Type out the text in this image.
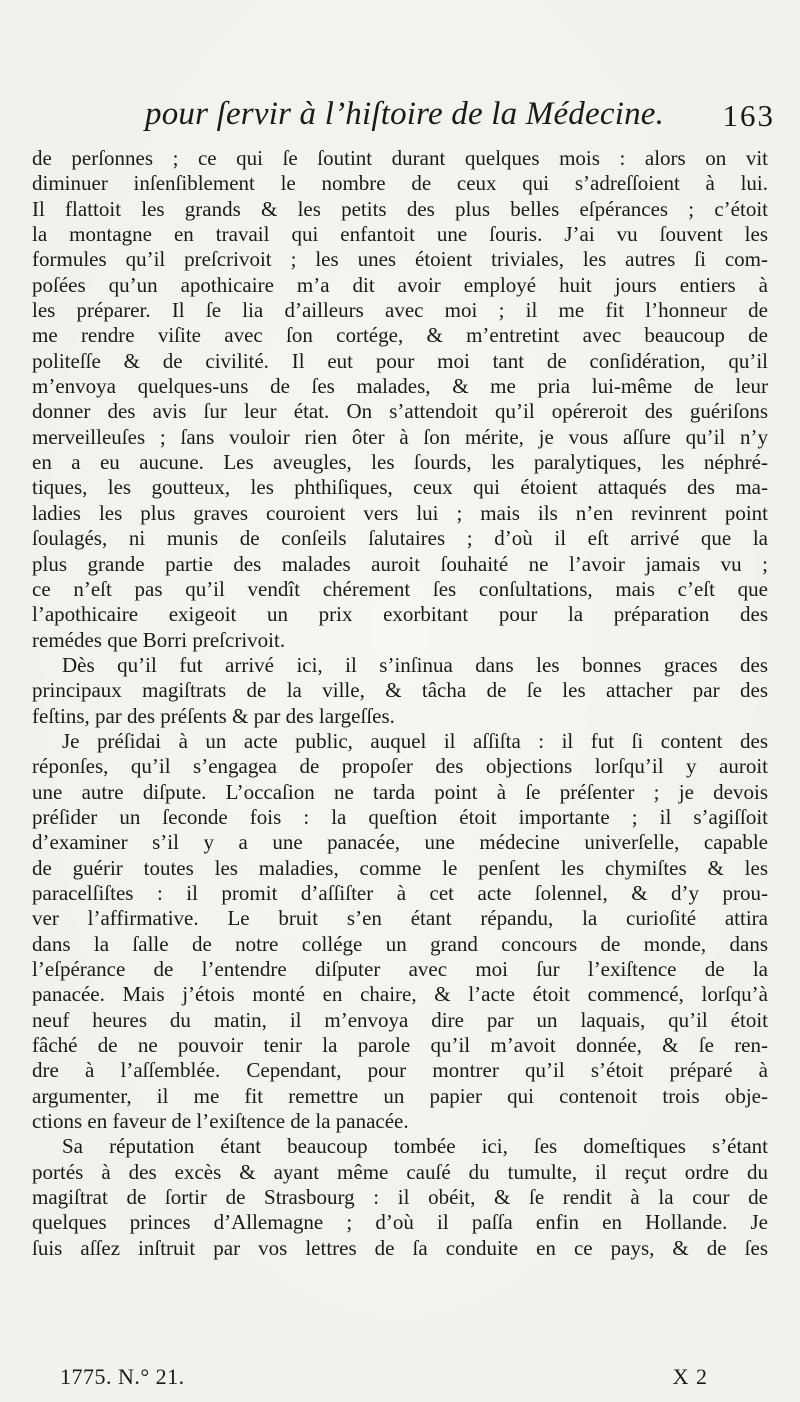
pour ſervir à l’hiſtoire de la Médecine. 163
de perſonnes ; ce qui ſe ſoutint durant quelques mois : alors on vit
diminuer inſenſiblement le nombre de ceux qui s’adreſſoient à lui.
Il flattoit les grands & les petits des plus belles eſpérances ; c’étoit
la montagne en travail qui enfantoit une ſouris. J’ai vu ſouvent les
formules qu’il preſcrivoit ; les unes étoient triviales, les autres ſi com-
poſées qu’un apothicaire m’a dit avoir employé huit jours entiers à
les préparer. Il ſe lia d’ailleurs avec moi ; il me fit l’honneur de
me rendre viſite avec ſon cortége, & m’entretint avec beaucoup de
politeſſe & de civilité. Il eut pour moi tant de conſidération, qu’il
m’envoya quelques-uns de ſes malades, & me pria lui-même de leur
donner des avis ſur leur état. On s’attendoit qu’il opéreroit des guériſons
merveilleuſes ; ſans vouloir rien ôter à ſon mérite, je vous aſſure qu’il n’y
en a eu aucune. Les aveugles, les ſourds, les paralytiques, les néphré-
tiques, les goutteux, les phthiſiques, ceux qui étoient attaqués des ma-
ladies les plus graves couroient vers lui ; mais ils n’en revinrent point
ſoulagés, ni munis de conſeils ſalutaires ; d’où il eſt arrivé que la
plus grande partie des malades auroit ſouhaité ne l’avoir jamais vu ;
ce n’eſt pas qu’il vendît chérement ſes conſultations, mais c’eſt que
l’apothicaire exigeoit un prix exorbitant pour la préparation des
remédes que Borri preſcrivoit.
Dès qu’il fut arrivé ici, il s’inſinua dans les bonnes graces des
principaux magiſtrats de la ville, & tâcha de ſe les attacher par des
feſtins, par des préſents & par des largeſſes.
Je préſidai à un acte public, auquel il aſſiſta : il fut ſi content des
réponſes, qu’il s’engagea de propoſer des objections lorſqu’il y auroit
une autre diſpute. L’occaſion ne tarda point à ſe préſenter ; je devois
préſider un ſeconde fois : la queſtion étoit importante ; il s’agiſſoit
d’examiner s’il y a une panacée, une médecine univerſelle, capable
de guérir toutes les maladies, comme le penſent les chymiſtes & les
paracelſiſtes : il promit d’aſſiſter à cet acte ſolennel, & d’y prou-
ver l’affirmative. Le bruit s’en étant répandu, la curioſité attira
dans la ſalle de notre collége un grand concours de monde, dans
l’eſpérance de l’entendre diſputer avec moi ſur l’exiſtence de la
panacée. Mais j’étois monté en chaire, & l’acte étoit commencé, lorſqu’à
neuf heures du matin, il m’envoya dire par un laquais, qu’il étoit
fâché de ne pouvoir tenir la parole qu’il m’avoit donnée, & ſe ren-
dre à l’aſſemblée. Cependant, pour montrer qu’il s’étoit préparé à
argumenter, il me fit remettre un papier qui contenoit trois obje-
ctions en faveur de l’exiſtence de la panacée.
Sa réputation étant beaucoup tombée ici, ſes domeſtiques s’étant
portés à des excès & ayant même cauſé du tumulte, il reçut ordre du
magiſtrat de ſortir de Strasbourg : il obéit, & ſe rendit à la cour de
quelques princes d’Allemagne ; d’où il paſſa enfin en Hollande. Je
ſuis aſſez inſtruit par vos lettres de ſa conduite en ce pays, & de ſes
1775. N.° 21.	X 2
